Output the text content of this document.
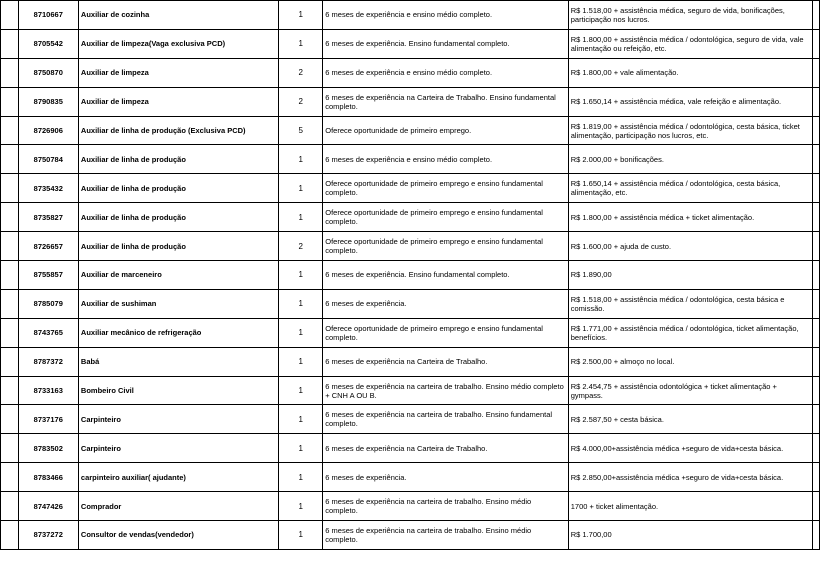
	8710667	Auxiliar de cozinha	1	6 meses de experiência e ensino médio completo.	R$ 1.518,00 + assistência médica, seguro de vida, bonificações, participação nos lucros.	
	8705542	Auxiliar de limpeza(Vaga exclusiva PCD)	1	6 meses de experiência. Ensino fundamental completo.	R$ 1.800,00 + assistência médica / odontológica, seguro de vida, vale alimentação ou refeição, etc.	
	8750870	Auxiliar de limpeza	2	6 meses de experiência e ensino médio completo.	R$ 1.800,00 + vale alimentação.	
	8790835	Auxiliar de limpeza	2	6 meses de experiência na Carteira de Trabalho. Ensino fundamental completo.	R$ 1.650,14 + assistência médica, vale refeição e alimentação.	
	8726906	Auxiliar de linha de produção (Exclusiva PCD)	5	Oferece oportunidade de primeiro emprego.	R$ 1.819,00 + assistência médica / odontológica, cesta básica, ticket alimentação, participação nos lucros, etc.	
	8750784	Auxiliar de linha de produção	1	6 meses de experiência e ensino médio completo.	R$ 2.000,00 + bonificações.	
	8735432	Auxiliar de linha de produção	1	Oferece oportunidade de primeiro emprego e ensino fundamental completo.	R$ 1.650,14 + assistência médica / odontológica, cesta básica, alimentação, etc.	
	8735827	Auxiliar de linha de produção	1	Oferece oportunidade de primeiro emprego e ensino fundamental completo.	R$ 1.800,00 + assistência médica + ticket alimentação.	
	8726657	Auxiliar de linha de produção	2	Oferece oportunidade de primeiro emprego e ensino fundamental completo.	R$ 1.600,00 + ajuda de custo.	
	8755857	Auxiliar de marceneiro	1	6 meses de experiência. Ensino fundamental completo.	R$ 1.890,00	
	8785079	Auxiliar de sushiman	1	6 meses de experiência.	R$ 1.518,00 + assistência médica / odontológica, cesta básica e comissão.	
	8743765	Auxiliar mecânico de refrigeração	1	Oferece oportunidade de primeiro emprego e ensino fundamental completo.	R$ 1.771,00 + assistência médica / odontológica, ticket alimentação, benefícios.	
	8787372	Babá	1	6 meses de experiência na Carteira de Trabalho.	R$ 2.500,00 + almoço no local.	
	8733163	Bombeiro Civil	1	6 meses de experiência na carteira de trabalho. Ensino médio completo + CNH A OU B.	R$ 2.454,75 + assistência odontológica + ticket alimentação + gympass.	
	8737176	Carpinteiro	1	6 meses de experiência na carteira de trabalho. Ensino fundamental completo.	R$ 2.587,50 + cesta básica.	
	8783502	Carpinteiro	1	6 meses de experiência na Carteira de Trabalho.	R$ 4.000,00+assistência médica +seguro de vida+cesta básica.	
	8783466	carpinteiro auxiliar( ajudante)	1	6 meses de experiência.	R$ 2.850,00+assistência médica +seguro de vida+cesta básica.	
	8747426	Comprador	1	6 meses de experiência na carteira de trabalho. Ensino médio completo.	1700 + ticket alimentação.	
	8737272	Consultor de vendas(vendedor)	1	6 meses de experiência na carteira de trabalho. Ensino médio completo.	R$ 1.700,00	
